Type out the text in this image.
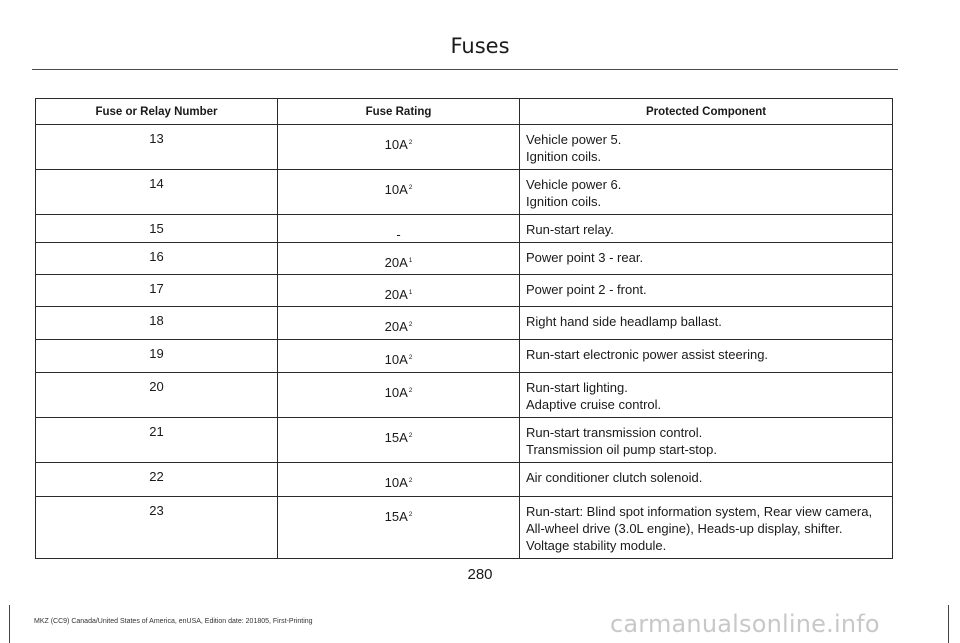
Fuses
Fuse or Relay Number	Fuse Rating	Protected Component
13	$10A^2$	Vehicle power 5.
Ignition coils.

14	$10A^2$	Vehicle power 6.
Ignition coils.

15	-	Run-start relay.

16	$20A^1$	Power point 3 - rear.

17	$20A^1$	Power point 2 - front.

18	$20A^2$	Right hand side headlamp ballast.

19	$10A^2$	Run-start electronic power assist steering.

20	$10A^2$	Run-start lighting.
Adaptive cruise control.

21	$15A^2$	Run-start transmission control.
Transmission oil pump start-stop.

22	$10A^2$	Air conditioner clutch solenoid.

23	$15A^2$	Run-start: Blind spot information system, Rear view camera,
All-wheel drive (3.0L engine), Heads-up display, shifter.
Voltage stability module.
280
MKZ (CC9) Canada/United States of America, enUSA, Edition date: 201805, First-Printing	carmanualsonline.info
